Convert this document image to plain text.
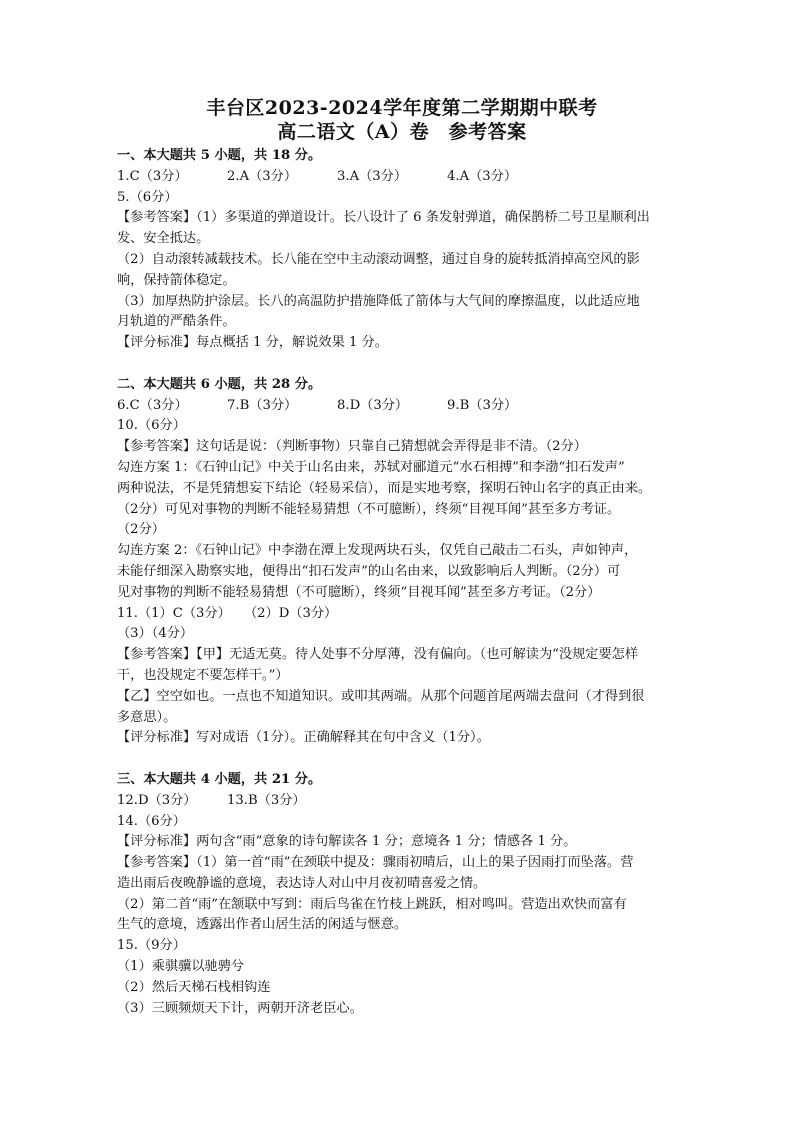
丰台区2023-2024学年度第二学期期中联考

高二语文（A）卷　参考答案

一、本大题共 5 小题，共 18 分。

1.C（3分）	2.A（3分）	3.A（3分）	4.A（3分）

5.（6分）

【参考答案】（1）多渠道的弹道设计。长八设计了 6 条发射弹道，确保鹊桥二号卫星顺利出

发、安全抵达。

（2）自动滚转减载技术。长八能在空中主动滚动调整，通过自身的旋转抵消掉高空风的影

响，保持箭体稳定。

（3）加厚热防护涂层。长八的高温防护措施降低了箭体与大气间的摩擦温度，以此适应地

月轨道的严酷条件。

【评分标准】每点概括 1 分，解说效果 1 分。

二、本大题共 6 小题，共 28 分。

6.C（3分）	7.B（3分）	8.D（3分）	9.B（3分）

10.（6分）

【参考答案】这句话是说：（判断事物）只靠自己猜想就会弄得是非不清。（2分）

勾连方案 1：《石钟山记》中关于山名由来，苏轼对郦道元“水石相搏”和李渤“扣石发声”

两种说法，不是凭猜想妄下结论（轻易采信），而是实地考察，探明石钟山名字的真正由来。

（2分）可见对事物的判断不能轻易猜想（不可臆断），终须“目视耳闻”甚至多方考证。

（2分）

勾连方案 2：《石钟山记》中李渤在潭上发现两块石头，仅凭自己敲击二石头，声如钟声，

未能仔细深入勘察实地，便得出“扣石发声”的山名由来，以致影响后人判断。（2分）可

见对事物的判断不能轻易猜想（不可臆断），终须“目视耳闻”甚至多方考证。（2分）

11.（1）C（3分）　　（2）D（3分）

（3）（4分）

【参考答案】【甲】无适无莫。待人处事不分厚薄，没有偏向。（也可解读为“没规定要怎样

干，也没规定不要怎样干。”）

【乙】空空如也。一点也不知道知识。或叩其两端。从那个问题首尾两端去盘问（才得到很

多意思）。

【评分标准】写对成语（1分）。正确解释其在句中含义（1分）。

三、本大题共 4 小题，共 21 分。

12.D（3分）	13.B（3分）

14.（6分）

【评分标准】两句含“雨”意象的诗句解读各 1 分；意境各 1 分；情感各 1 分。

【参考答案】（1）第一首“雨”在颈联中提及：骤雨初晴后，山上的果子因雨打而坠落。营

造出雨后夜晚静谧的意境，表达诗人对山中月夜初晴喜爱之情。

（2）第二首“雨”在颔联中写到：雨后鸟雀在竹枝上跳跃，相对鸣叫。营造出欢快而富有

生气的意境，透露出作者山居生活的闲适与惬意。

15.（9分）

（1）乘骐骥以驰骋兮

（2）然后天梯石栈相钩连

（3）三顾频烦天下计，两朝开济老臣心。
